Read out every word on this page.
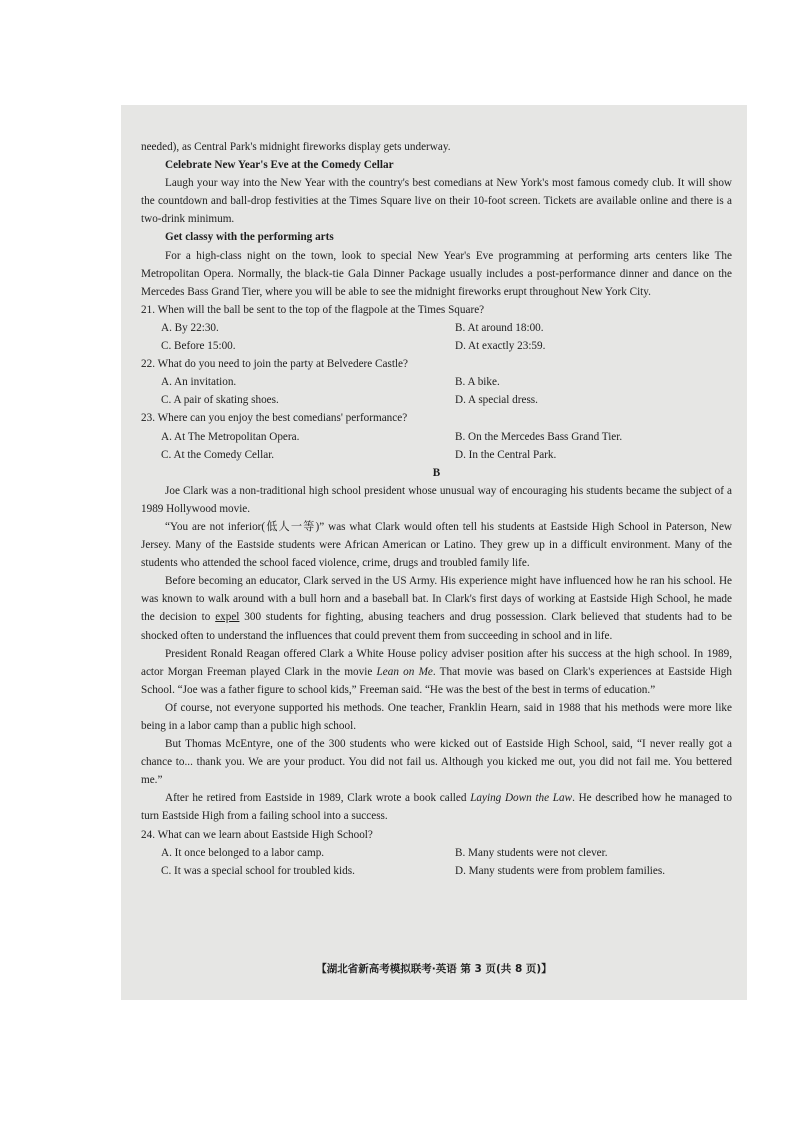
needed), as Central Park's midnight fireworks display gets underway.

Celebrate New Year's Eve at the Comedy Cellar

Laugh your way into the New Year with the country's best comedians at New York's most famous comedy club. It will show the countdown and ball-drop festivities at the Times Square live on their 10-foot screen. Tickets are available online and there is a two-drink minimum.

Get classy with the performing arts

For a high-class night on the town, look to special New Year's Eve programming at performing arts centers like The Metropolitan Opera. Normally, the black-tie Gala Dinner Package usually includes a post-performance dinner and dance on the Mercedes Bass Grand Tier, where you will be able to see the midnight fireworks erupt throughout New York City.

21. When will the ball be sent to the top of the flagpole at the Times Square?

A. By 22:30.	B. At around 18:00.
C. Before 15:00.	D. At exactly 23:59.

22. What do you need to join the party at Belvedere Castle?

A. An invitation.	B. A bike.
C. A pair of skating shoes.	D. A special dress.

23. Where can you enjoy the best comedians' performance?

A. At The Metropolitan Opera.	B. On the Mercedes Bass Grand Tier.
C. At the Comedy Cellar.	D. In the Central Park.

B

Joe Clark was a non-traditional high school president whose unusual way of encouraging his students became the subject of a 1989 Hollywood movie.

“You are not inferior(低人一等)” was what Clark would often tell his students at Eastside High School in Paterson, New Jersey. Many of the Eastside students were African American or Latino. They grew up in a difficult environment. Many of the students who attended the school faced violence, crime, drugs and troubled family life.

Before becoming an educator, Clark served in the US Army. His experience might have influenced how he ran his school. He was known to walk around with a bull horn and a baseball bat. In Clark's first days of working at Eastside High School, he made the decision to expel 300 students for fighting, abusing teachers and drug possession. Clark believed that students had to be shocked often to understand the influences that could prevent them from succeeding in school and in life.

President Ronald Reagan offered Clark a White House policy adviser position after his success at the high school. In 1989, actor Morgan Freeman played Clark in the movie Lean on Me. That movie was based on Clark's experiences at Eastside High School. “Joe was a father figure to school kids,” Freeman said. “He was the best of the best in terms of education.”

Of course, not everyone supported his methods. One teacher, Franklin Hearn, said in 1988 that his methods were more like being in a labor camp than a public high school.

But Thomas McEntyre, one of the 300 students who were kicked out of Eastside High School, said, “I never really got a chance to... thank you. We are your product. You did not fail us. Although you kicked me out, you did not fail me. You bettered me.”

After he retired from Eastside in 1989, Clark wrote a book called Laying Down the Law. He described how he managed to turn Eastside High from a failing school into a success.

24. What can we learn about Eastside High School?

A. It once belonged to a labor camp.	B. Many students were not clever.
C. It was a special school for troubled kids.	D. Many students were from problem families.
【湖北省新高考模拟联考·英语 第 3 页(共 8 页)】
